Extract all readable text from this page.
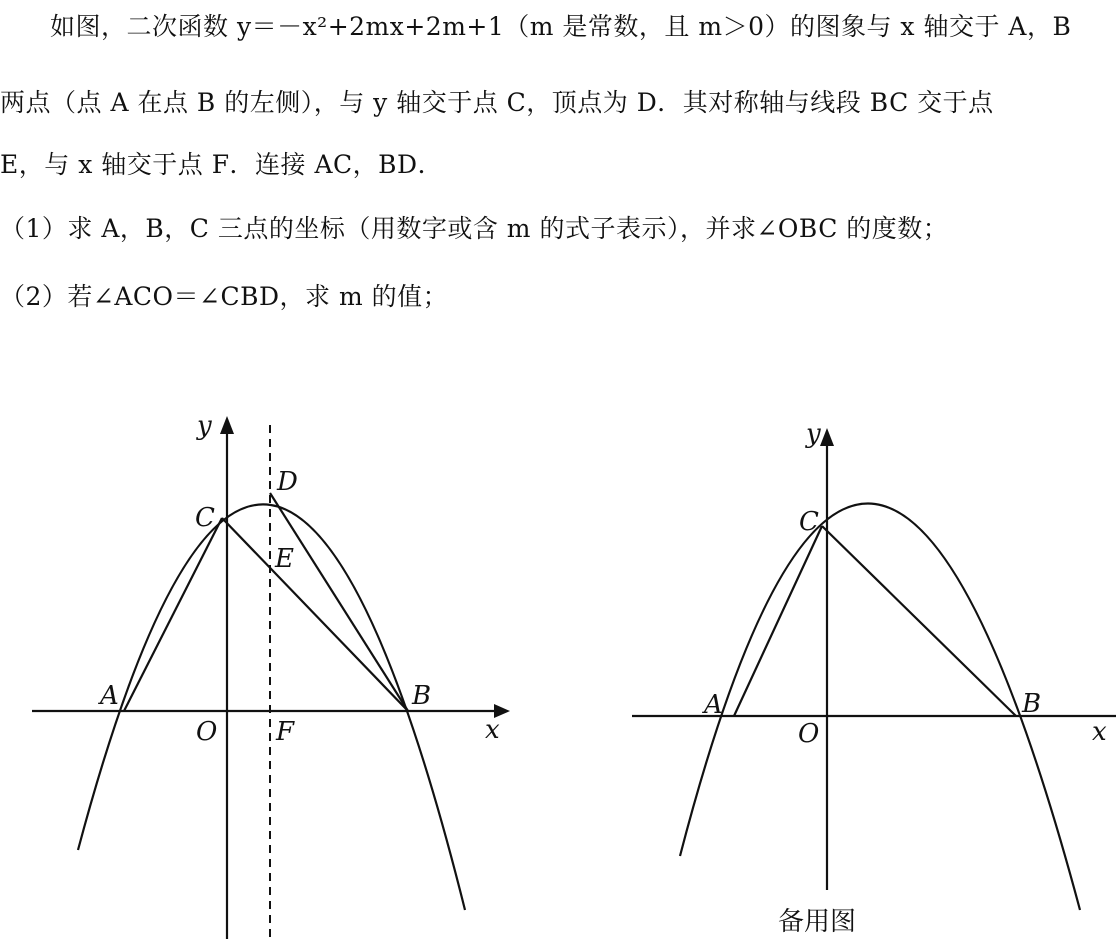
如图，二次函数 y＝－x²+2mx+2m+1（m 是常数，且 m＞0）的图象与 x 轴交于 A，B
两点（点 A 在点 B 的左侧），与 y 轴交于点 C，顶点为 D．其对称轴与线段 BC 交于点
E，与 x 轴交于点 F．连接 AC，BD．
（1）求 A，B，C 三点的坐标（用数字或含 m 的式子表示），并求∠OBC 的度数；
（2）若∠ACO＝∠CBD，求 m 的值；
y
x
A	B
C
D
E
O F
y
x
A	B
C
O
备用图
